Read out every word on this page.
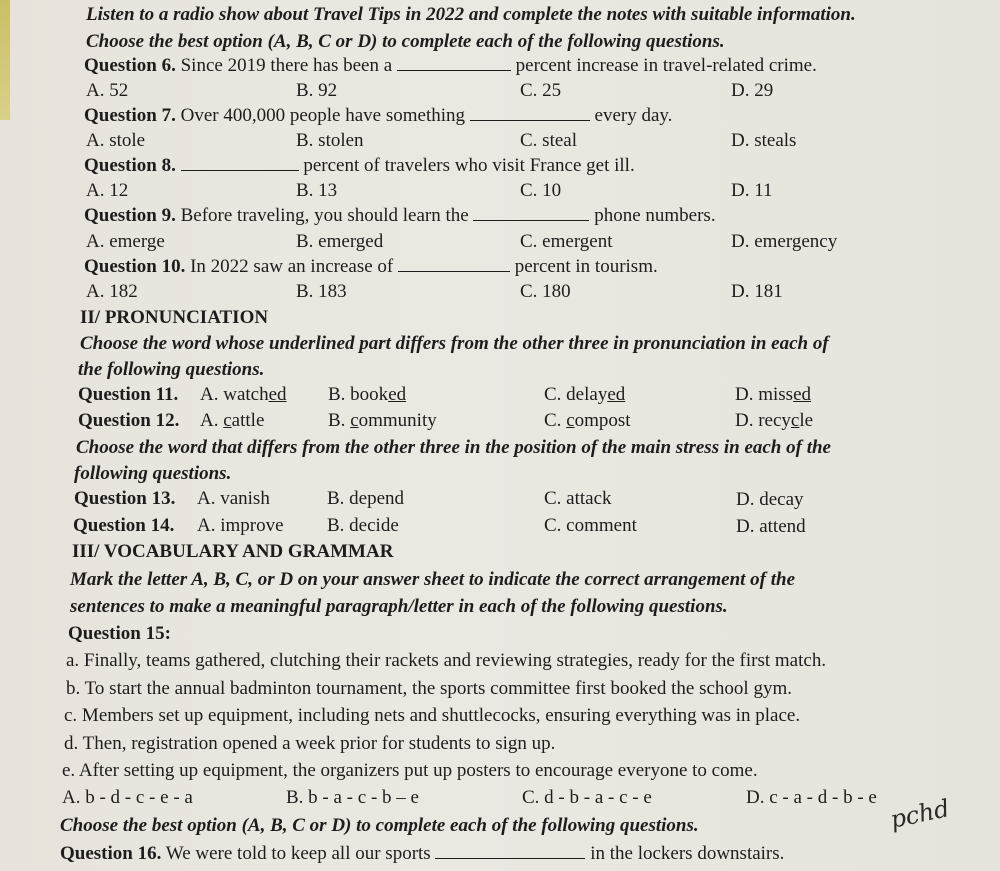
Listen to a radio show about Travel Tips in 2022 and complete the notes with suitable information.
Choose the best option (A, B, C or D) to complete each of the following questions.
Question 6. Since 2019 there has been a	percent increase in travel-related crime.
A. 52	B. 92	C. 25	D. 29
Question 7. Over 400,000 people have something	every day.
A. stole	B. stolen	C. steal	D. steals
Question 8.	percent of travelers who visit France get ill.
A. 12	B. 13	C. 10	D. 11
Question 9. Before traveling, you should learn the	phone numbers.
A. emerge	B. emerged	C. emergent	D. emergency
Question 10. In 2022 saw an increase of	percent in tourism.
A. 182	B. 183	C. 180	D. 181
II/ PRONUNCIATION
Choose the word whose underlined part differs from the other three in pronunciation in each of
the following questions.
Question 11. A. watched B. booked	C. delayed	D. missed
Question 12. A. cattle	B. community	C. compost	D. recycle
Choose the word that differs from the other three in the position of the main stress in each of the
following questions.
Question 13. A. vanish	B. depend	C. attack	D. decay
Question 14. A. improve B. decide	C. comment	D. attend
III/ VOCABULARY AND GRAMMAR
Mark the letter A, B, C, or D on your answer sheet to indicate the correct arrangement of the
sentences to make a meaningful paragraph/letter in each of the following questions.
Question 15:
a. Finally, teams gathered, clutching their rackets and reviewing strategies, ready for the first match.
b. To start the annual badminton tournament, the sports committee first booked the school gym.
c. Members set up equipment, including nets and shuttlecocks, ensuring everything was in place.
d. Then, registration opened a week prior for students to sign up.
e. After setting up equipment, the organizers put up posters to encourage everyone to come.
A. b - d - c - e - a	B. b - a - c - b – e	C. d - b - a - c - e	D. c - a - d - b - e
Choose the best option (A, B, C or D) to complete each of the following questions.
Question 16. We were told to keep all our sports	in the lockers downstairs.
pchd
